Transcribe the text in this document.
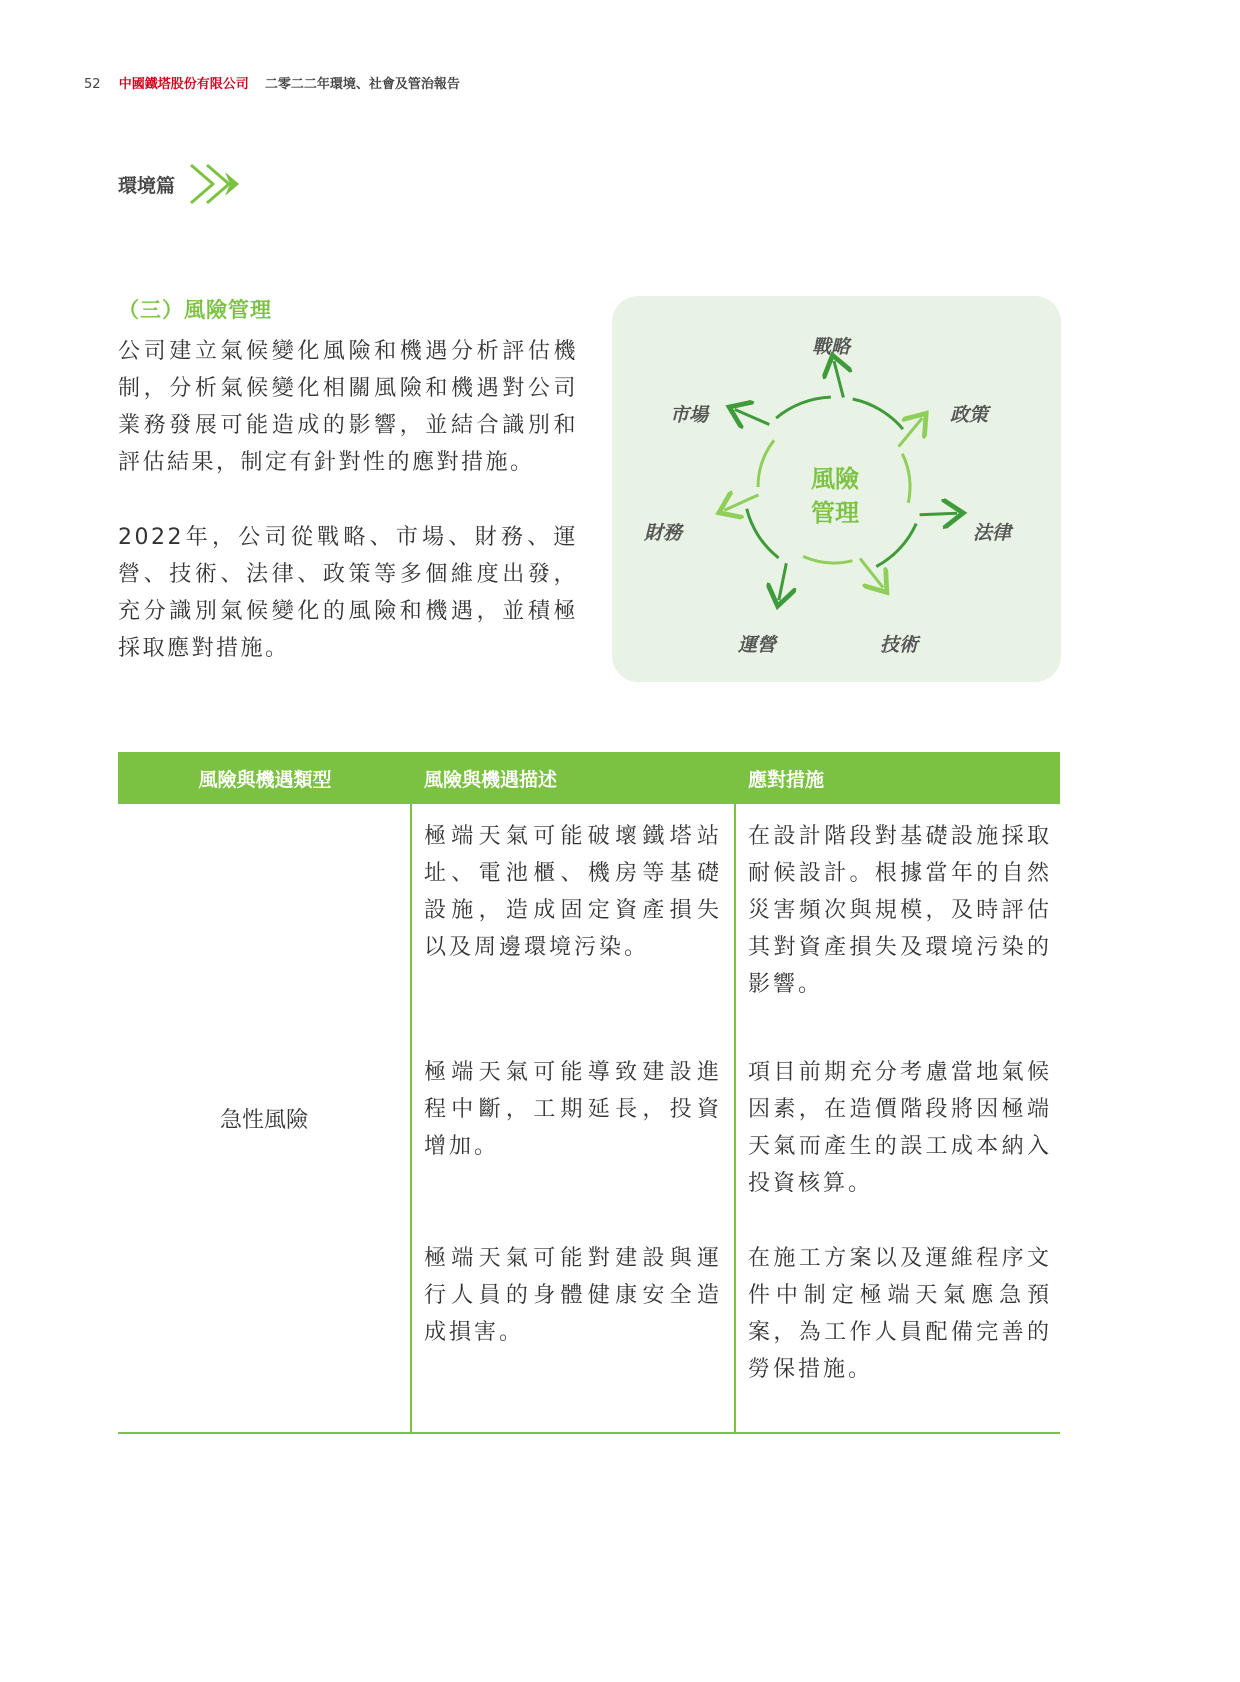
52 中國鐵塔股份有限公司 二零二二年環境、社會及管治報告
環境篇
（三）風險管理
公司建立氣候變化風險和機遇分析評估機制，分析氣候變化相關風險和機遇對公司業務發展可能造成的影響，並結合識別和評估結果，制定有針對性的應對措施。
2022年，公司從戰略、市場、財務、運營、技術、法律、政策等多個維度出發，充分識別氣候變化的風險和機遇，並積極採取應對措施。
風險
管理
戰略
政策
法律
技術
運營
財務
市場
風險與機遇類型	風險與機遇描述	應對措施
急性風險
極端天氣可能破壞鐵塔站址、電池櫃、機房等基礎設施，造成固定資產損失以及周邊環境污染。
在設計階段對基礎設施採取耐候設計。根據當年的自然災害頻次與規模，及時評估其對資產損失及環境污染的影響。
極端天氣可能導致建設進程中斷，工期延長，投資增加。
項目前期充分考慮當地氣候因素，在造價階段將因極端天氣而產生的誤工成本納入投資核算。
極端天氣可能對建設與運行人員的身體健康安全造成損害。
在施工方案以及運維程序文件中制定極端天氣應急預案，為工作人員配備完善的勞保措施。
